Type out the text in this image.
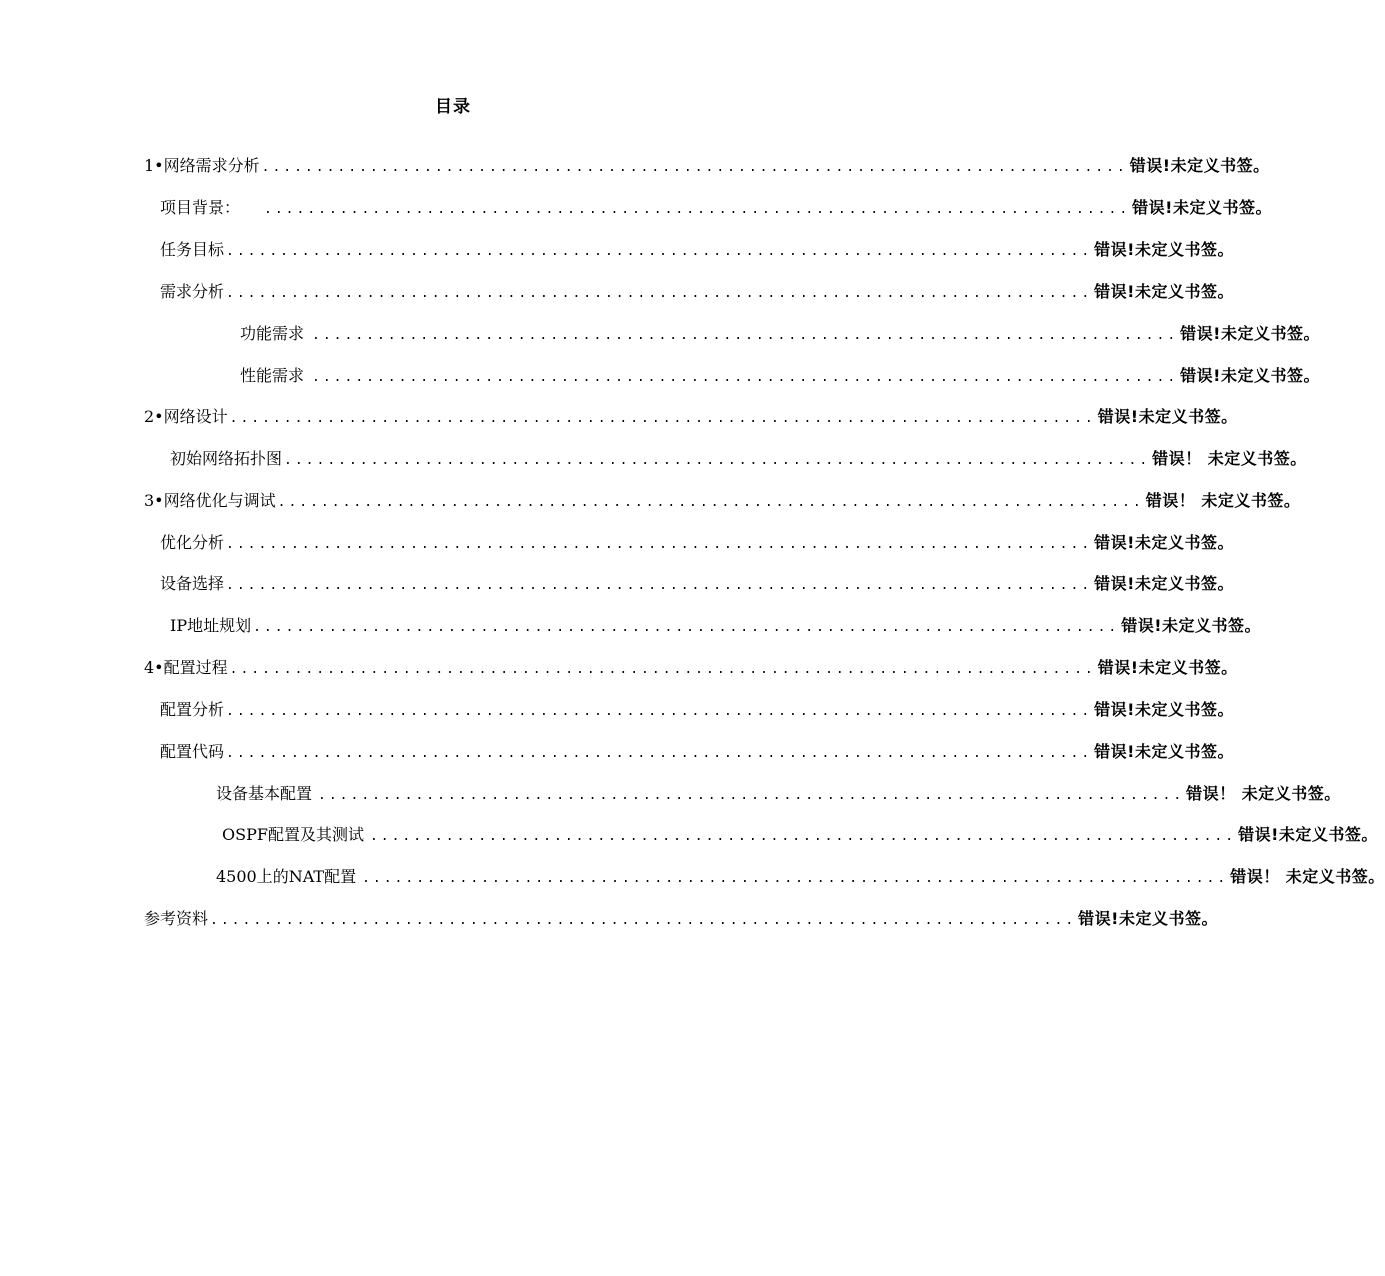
目录
1•网络需求分析 ................................................................................ 错误!未定义书签。
项目背景：	................................................................................ 错误!未定义书签。
任务目标 ................................................................................ 错误!未定义书签。
需求分析 ................................................................................ 错误!未定义书签。
功能需求 ................................................................................ 错误!未定义书签。
性能需求 ................................................................................ 错误!未定义书签。
2•网络设计 ................................................................................ 错误!未定义书签。
初始网络拓扑图 ................................................................................ 错误！ 未定义书签。
3•网络优化与调试 ................................................................................ 错误！ 未定义书签。
优化分析 ................................................................................ 错误!未定义书签。
设备选择 ................................................................................ 错误!未定义书签。
IP地址规划 ................................................................................ 错误!未定义书签。
4•配置过程 ................................................................................ 错误!未定义书签。
配置分析 ................................................................................ 错误!未定义书签。
配置代码 ................................................................................ 错误!未定义书签。
设备基本配置 ................................................................................ 错误！ 未定义书签。
OSPF配置及其测试 ................................................................................ 错误!未定义书签。
4500上的NAT配置 ................................................................................ 错误！ 未定义书签。
参考资料 ................................................................................ 错误!未定义书签。
